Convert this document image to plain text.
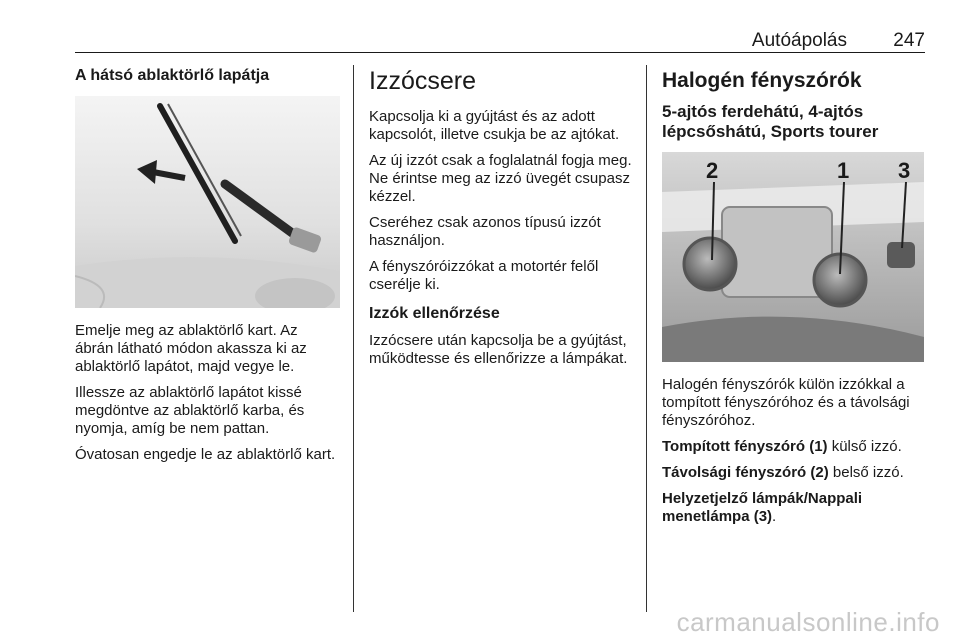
Autóápolás 247
A hátsó ablaktörlő lapátja

Emelje meg az ablaktörlő kart. Az ábrán látható módon akassza ki az ablaktörlő lapátot, majd vegye le.

Illessze az ablaktörlő lapátot kissé megdöntve az ablaktörlő karba, és nyomja, amíg be nem pattan.

Óvatosan engedje le az ablaktörlő kart.

Izzócsere

Kapcsolja ki a gyújtást és az adott kapcsolót, illetve csukja be az ajtókat.

Az új izzót csak a foglalatnál fogja meg. Ne érintse meg az izzó üvegét csupasz kézzel.

Cseréhez csak azonos típusú izzót használjon.

A fényszóróizzókat a motortér felől cserélje ki.

Izzók ellenőrzése

Izzócsere után kapcsolja be a gyújtást, működtesse és ellenőrizze a lámpákat.

Halogén fényszórók
5-ajtós ferdehátú, 4-ajtós lépcsőshátú, Sports tourer
2	1 3

Halogén fényszórók külön izzókkal a tompított fényszóróhoz és a távolsági fényszóróhoz.

Tompított fényszóró (1) külső izzó.

Távolsági fényszóró (2) belső izzó.

Helyzetjelző lámpák/Nappali menetlámpa (3).

carmanualsonline.info
